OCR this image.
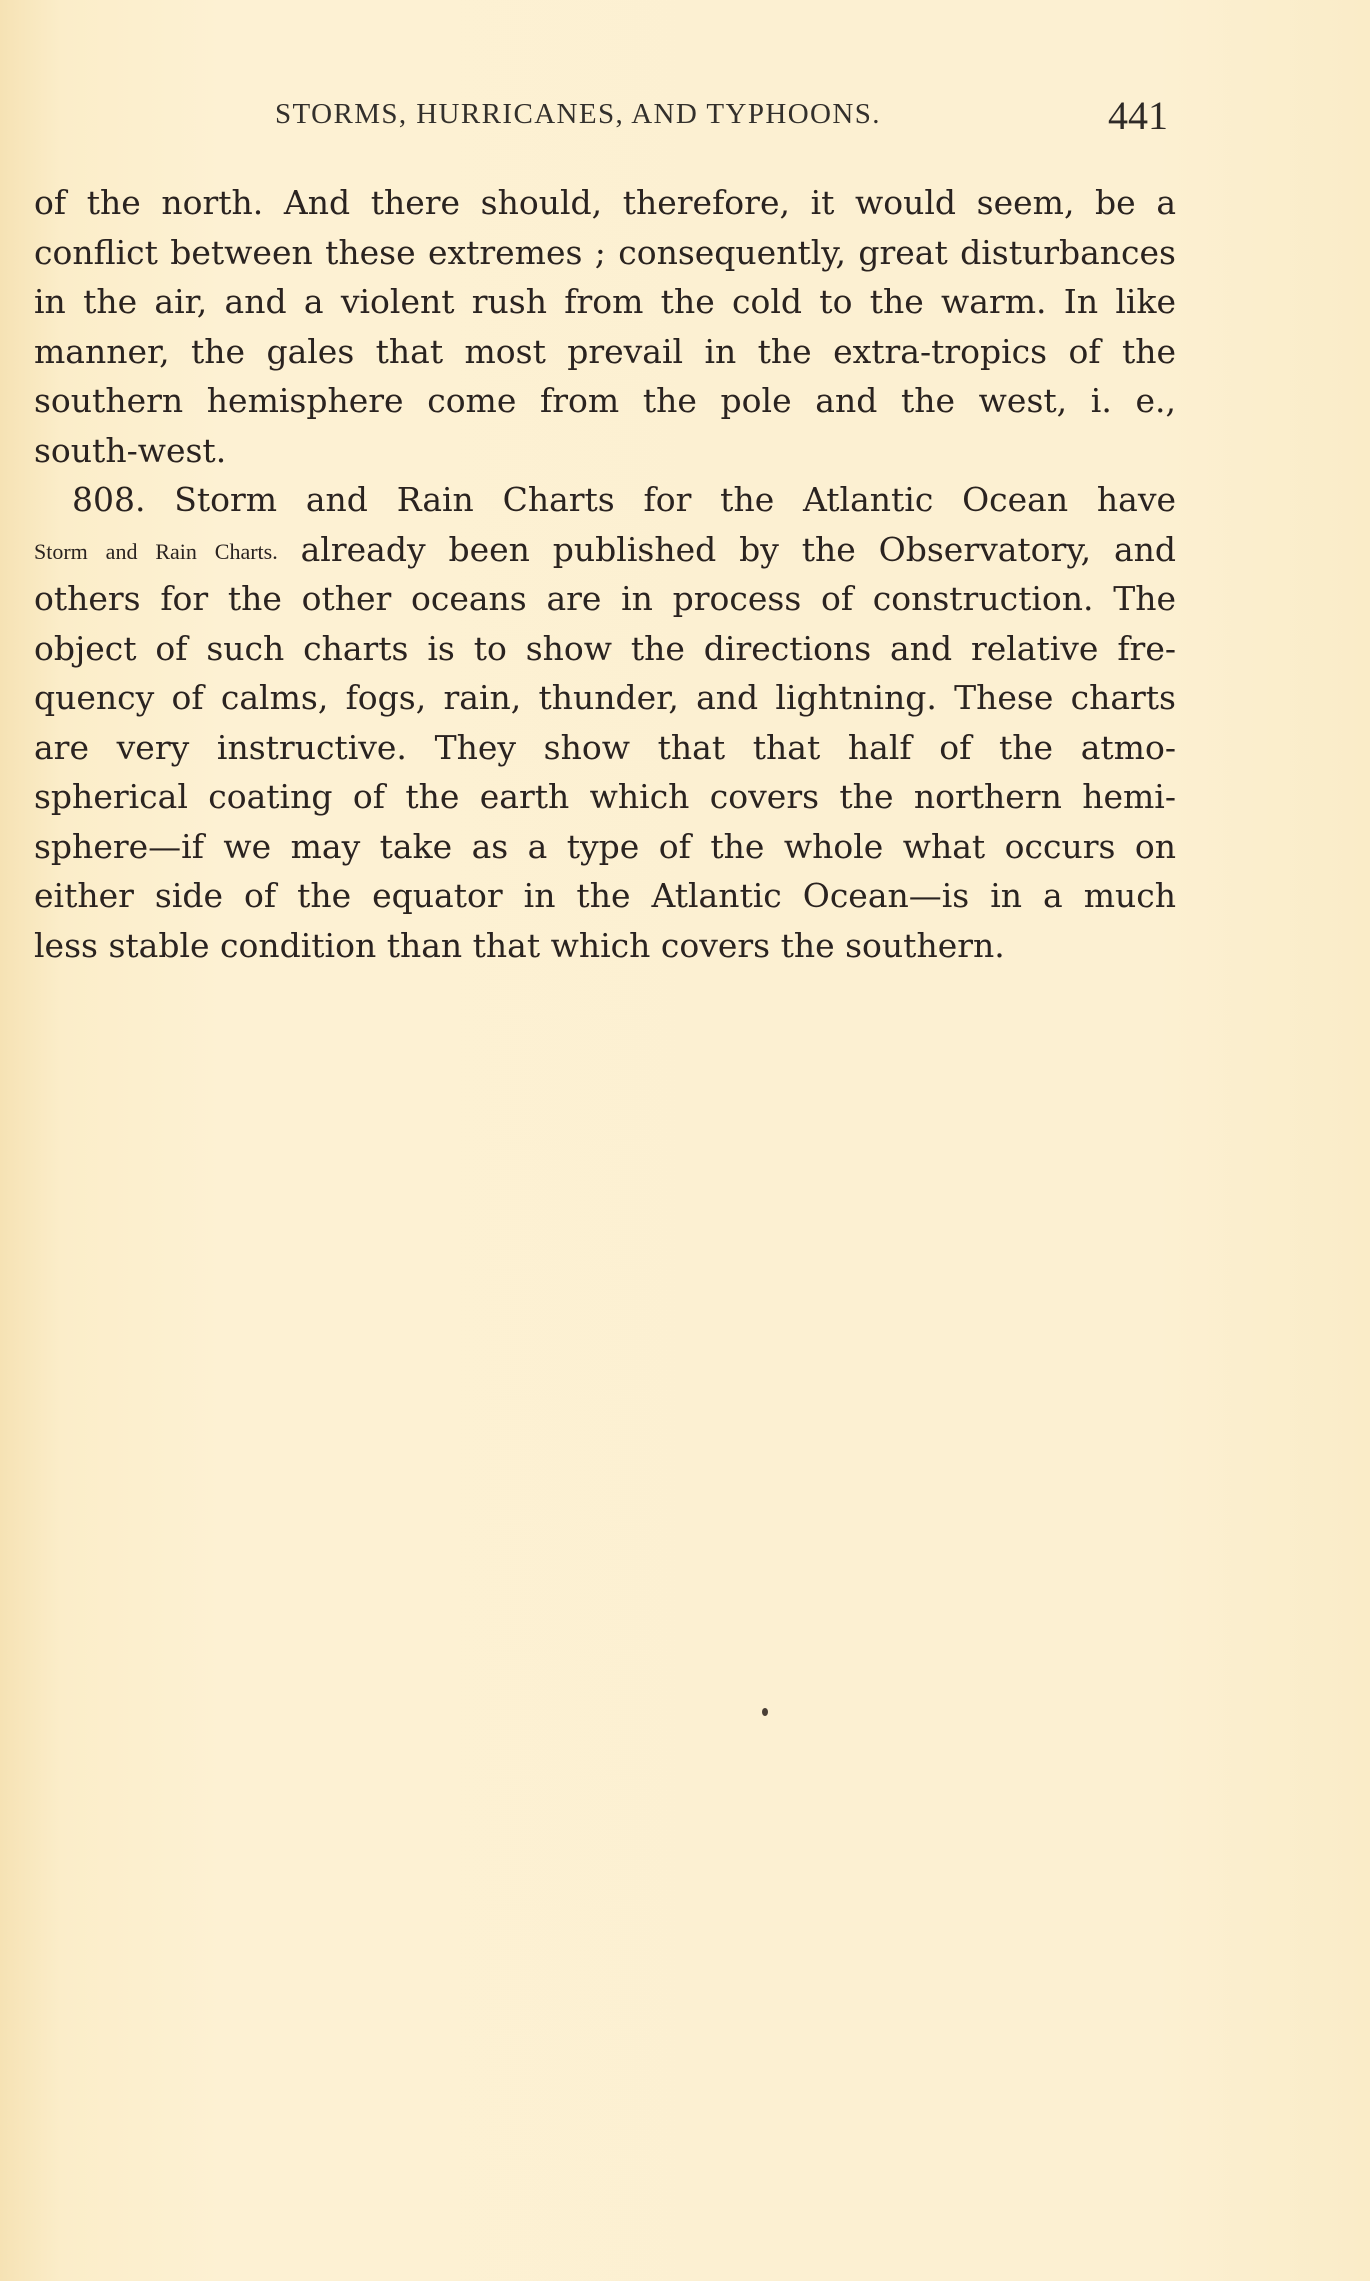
STORMS, HURRICANES, AND TYPHOONS.	441
of the north. And there should, therefore, it would seem, be a
conflict between these extremes ; consequently, great disturbances
in the air, and a violent rush from the cold to the warm. In like
manner, the gales that most prevail in the extra-tropics of the
southern hemisphere come from the pole and the west, i. e.,
south-west.
808. Storm and Rain Charts for the Atlantic Ocean have
Storm and Rain Charts. already been published by the Observatory, and
others for the other oceans are in process of construction. The
object of such charts is to show the directions and relative fre-
quency of calms, fogs, rain, thunder, and lightning. These charts
are very instructive. They show that that half of the atmo-
spherical coating of the earth which covers the northern hemi-
sphere—if we may take as a type of the whole what occurs on
either side of the equator in the Atlantic Ocean—is in a much
less stable condition than that which covers the southern.
